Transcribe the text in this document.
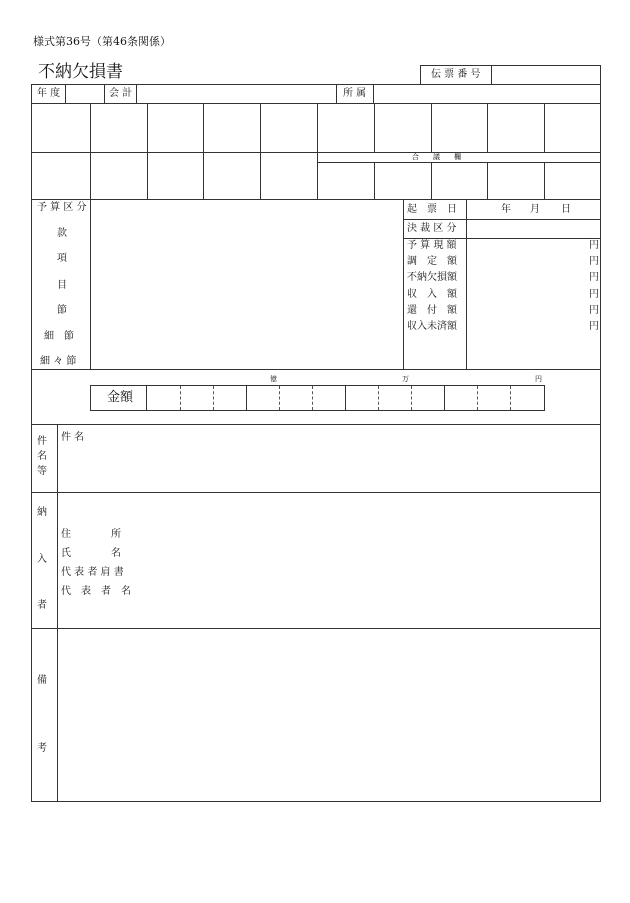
様式第36号（第46条関係）
不納欠損書	伝 票 番 号
年 度	会 計	所 属
合　　議　　欄
予 算 区 分
款
項
目
節
細　節
細 々 節
起　票　日	年 月 日
決 裁 区 分
予 算 現 額	円
調　定　額	円
不納欠損額	円
収　入　額	円
還　付　額	円
収入未済額	円
億	万	円
金額
件
名
等
件 名
納
入
者
住　　　　所
氏　　　　名
代 表 者 肩 書
代　表　者　名
備
考
